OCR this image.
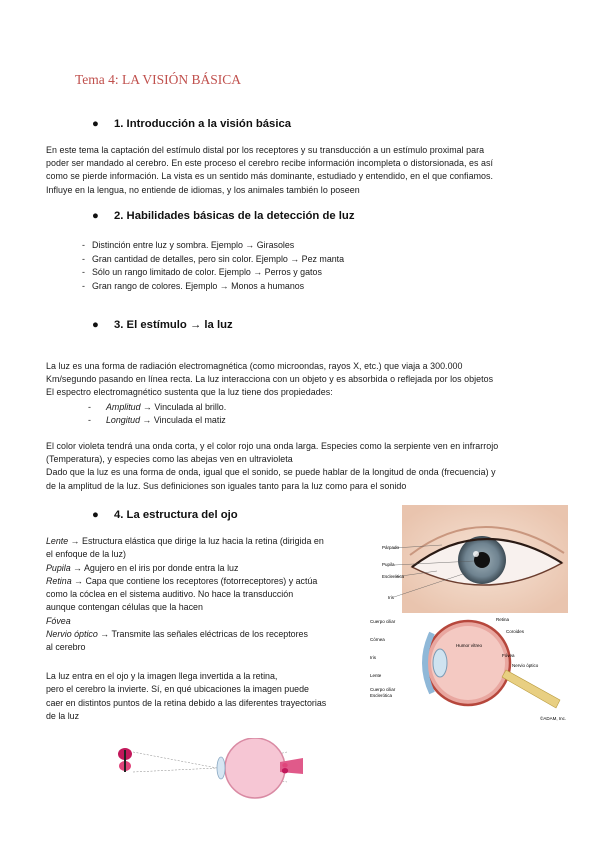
Tema 4: LA VISIÓN BÁSICA
● 1. Introducción a la visión básica

En este tema la captación del estímulo distal por los receptores y su transducción a un estímulo proximal para

poder ser mandado al cerebro. En este proceso el cerebro recibe información incompleta o distorsionada, es así

como se pierde información. La vista es un sentido más dominante, estudiado y entendido, en el que confiamos.

Influye en la lengua, no entiende de idiomas, y los animales también lo poseen

● 2. Habilidades básicas de la detección de luz
- Distinción entre luz y sombra. Ejemplo → Girasoles
- Gran cantidad de detalles, pero sin color. Ejemplo → Pez manta
- Sólo un rango limitado de color. Ejemplo → Perros y gatos
- Gran rango de colores. Ejemplo → Monos a humanos
● 3. El estímulo → la luz

La luz es una forma de radiación electromagnética (como microondas, rayos X, etc.) que viaja a 300.000

Km/segundo pasando en línea recta. La luz interacciona con un objeto y es absorbida o reflejada por los objetos

El espectro electromagnético sustenta que la luz tiene dos propiedades:

- Amplitud → Vinculada al brillo.
- Longitud → Vinculada el matiz

El color violeta tendrá una onda corta, y el color rojo una onda larga. Especies como la serpiente ven en infrarrojo

(Temperatura), y especies como las abejas ven en ultravioleta

Dado que la luz es una forma de onda, igual que el sonido, se puede hablar de la longitud de onda (frecuencia) y

de la amplitud de la luz. Sus definiciones son iguales tanto para la luz como para el sonido

● 4. La estructura del ojo

Lente → Estructura elástica que dirige la luz hacia la retina (dirigida en

el enfoque de la luz)

Pupila → Agujero en el iris por donde entra la luz

Retina → Capa que contiene los receptores (fotorreceptores) y actúa

como la cóclea en el sistema auditivo. No hace la transducción
aunque contengan células que la hacen

Fóvea

Nervio óptico → Transmite las señales eléctricas de los receptores

al cerebro

La luz entra en el ojo y la imagen llega invertida a la retina,

pero el cerebro la invierte. Sí, en qué ubicaciones la imagen puede

caer en distintos puntos de la retina debido a las diferentes trayectorias

de la luz

Párpado
Pupila
Esclerótica
Iris
Cuerpo ciliar
Córnea
Iris
Lente
Cuerpo ciliar
Esclerótica
Retina
Coroides
Humor vítreo
Fóvea
Nervio óptico
©ADAM, Inc.
